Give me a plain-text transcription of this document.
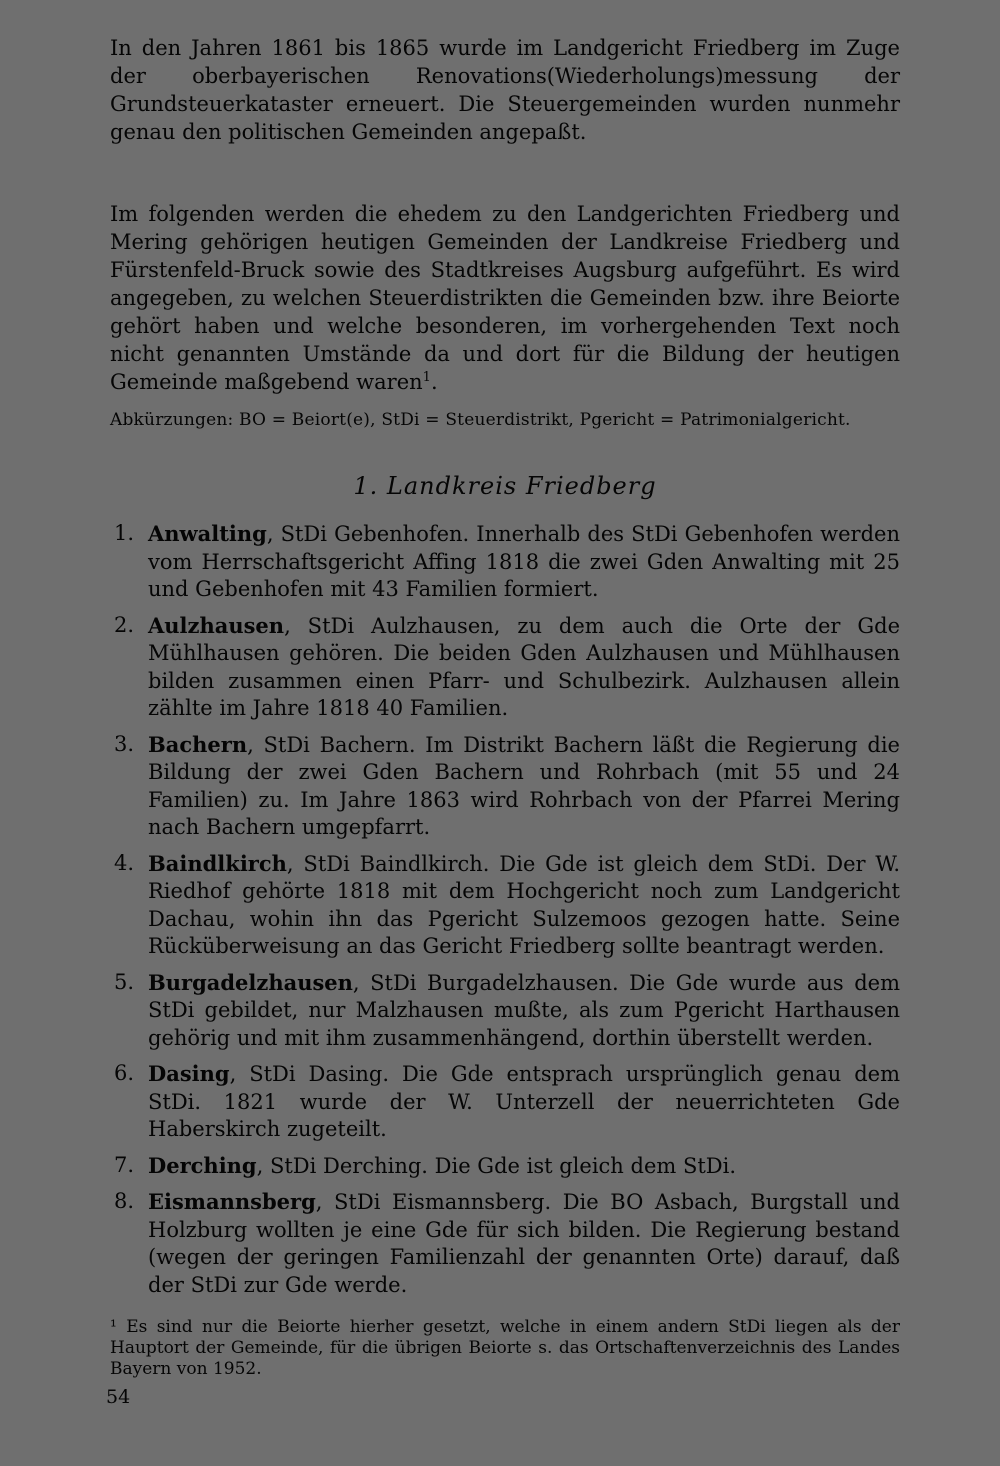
In den Jahren 1861 bis 1865 wurde im Landgericht Friedberg im Zuge der oberbayerischen Renovations(Wiederholungs)messung der Grundsteuerkataster erneuert. Die Steuergemeinden wurden nunmehr genau den politischen Gemeinden angepaßt.

Im folgenden werden die ehedem zu den Landgerichten Friedberg und Mering gehörigen heutigen Gemeinden der Landkreise Friedberg und Fürstenfeld-Bruck sowie des Stadtkreises Augsburg aufgeführt. Es wird angegeben, zu welchen Steuerdistrikten die Gemeinden bzw. ihre Beiorte gehört haben und welche besonderen, im vorhergehenden Text noch nicht genannten Umstände da und dort für die Bildung der heutigen Gemeinde maßgebend waren$^1$.

Abkürzungen: BO = Beiort(e), StDi = Steuerdistrikt, Pgericht = Patrimonialgericht.

1. Landkreis Friedberg
1. Anwalting, StDi Gebenhofen. Innerhalb des StDi Gebenhofen werden vom Herrschaftsgericht Affing 1818 die zwei Gden Anwalting mit 25 und Gebenhofen mit 43 Familien formiert.
2. Aulzhausen, StDi Aulzhausen, zu dem auch die Orte der Gde Mühlhausen gehören. Die beiden Gden Aulzhausen und Mühlhausen bilden zusammen einen Pfarr- und Schulbezirk. Aulzhausen allein zählte im Jahre 1818 40 Familien.
3. Bachern, StDi Bachern. Im Distrikt Bachern läßt die Regierung die Bildung der zwei Gden Bachern und Rohrbach (mit 55 und 24 Familien) zu. Im Jahre 1863 wird Rohrbach von der Pfarrei Mering nach Bachern umgepfarrt.
4. Baindlkirch, StDi Baindlkirch. Die Gde ist gleich dem StDi. Der W. Riedhof gehörte 1818 mit dem Hochgericht noch zum Landgericht Dachau, wohin ihn das Pgericht Sulzemoos gezogen hatte. Seine Rücküberweisung an das Gericht Friedberg sollte beantragt werden.
5. Burgadelzhausen, StDi Burgadelzhausen. Die Gde wurde aus dem StDi gebildet, nur Malzhausen mußte, als zum Pgericht Harthausen gehörig und mit ihm zusammenhängend, dorthin überstellt werden.
6. Dasing, StDi Dasing. Die Gde entsprach ursprünglich genau dem StDi. 1821 wurde der W. Unterzell der neuerrichteten Gde Haberskirch zugeteilt.
7. Derching, StDi Derching. Die Gde ist gleich dem StDi.
8. Eismannsberg, StDi Eismannsberg. Die BO Asbach, Burgstall und Holzburg wollten je eine Gde für sich bilden. Die Regierung bestand (wegen der geringen Familienzahl der genannten Orte) darauf, daß der StDi zur Gde werde.

¹ Es sind nur die Beiorte hierher gesetzt, welche in einem andern StDi liegen als der Hauptort der Gemeinde, für die übrigen Beiorte s. das Ortschaftenverzeichnis des Landes Bayern von 1952.

54
